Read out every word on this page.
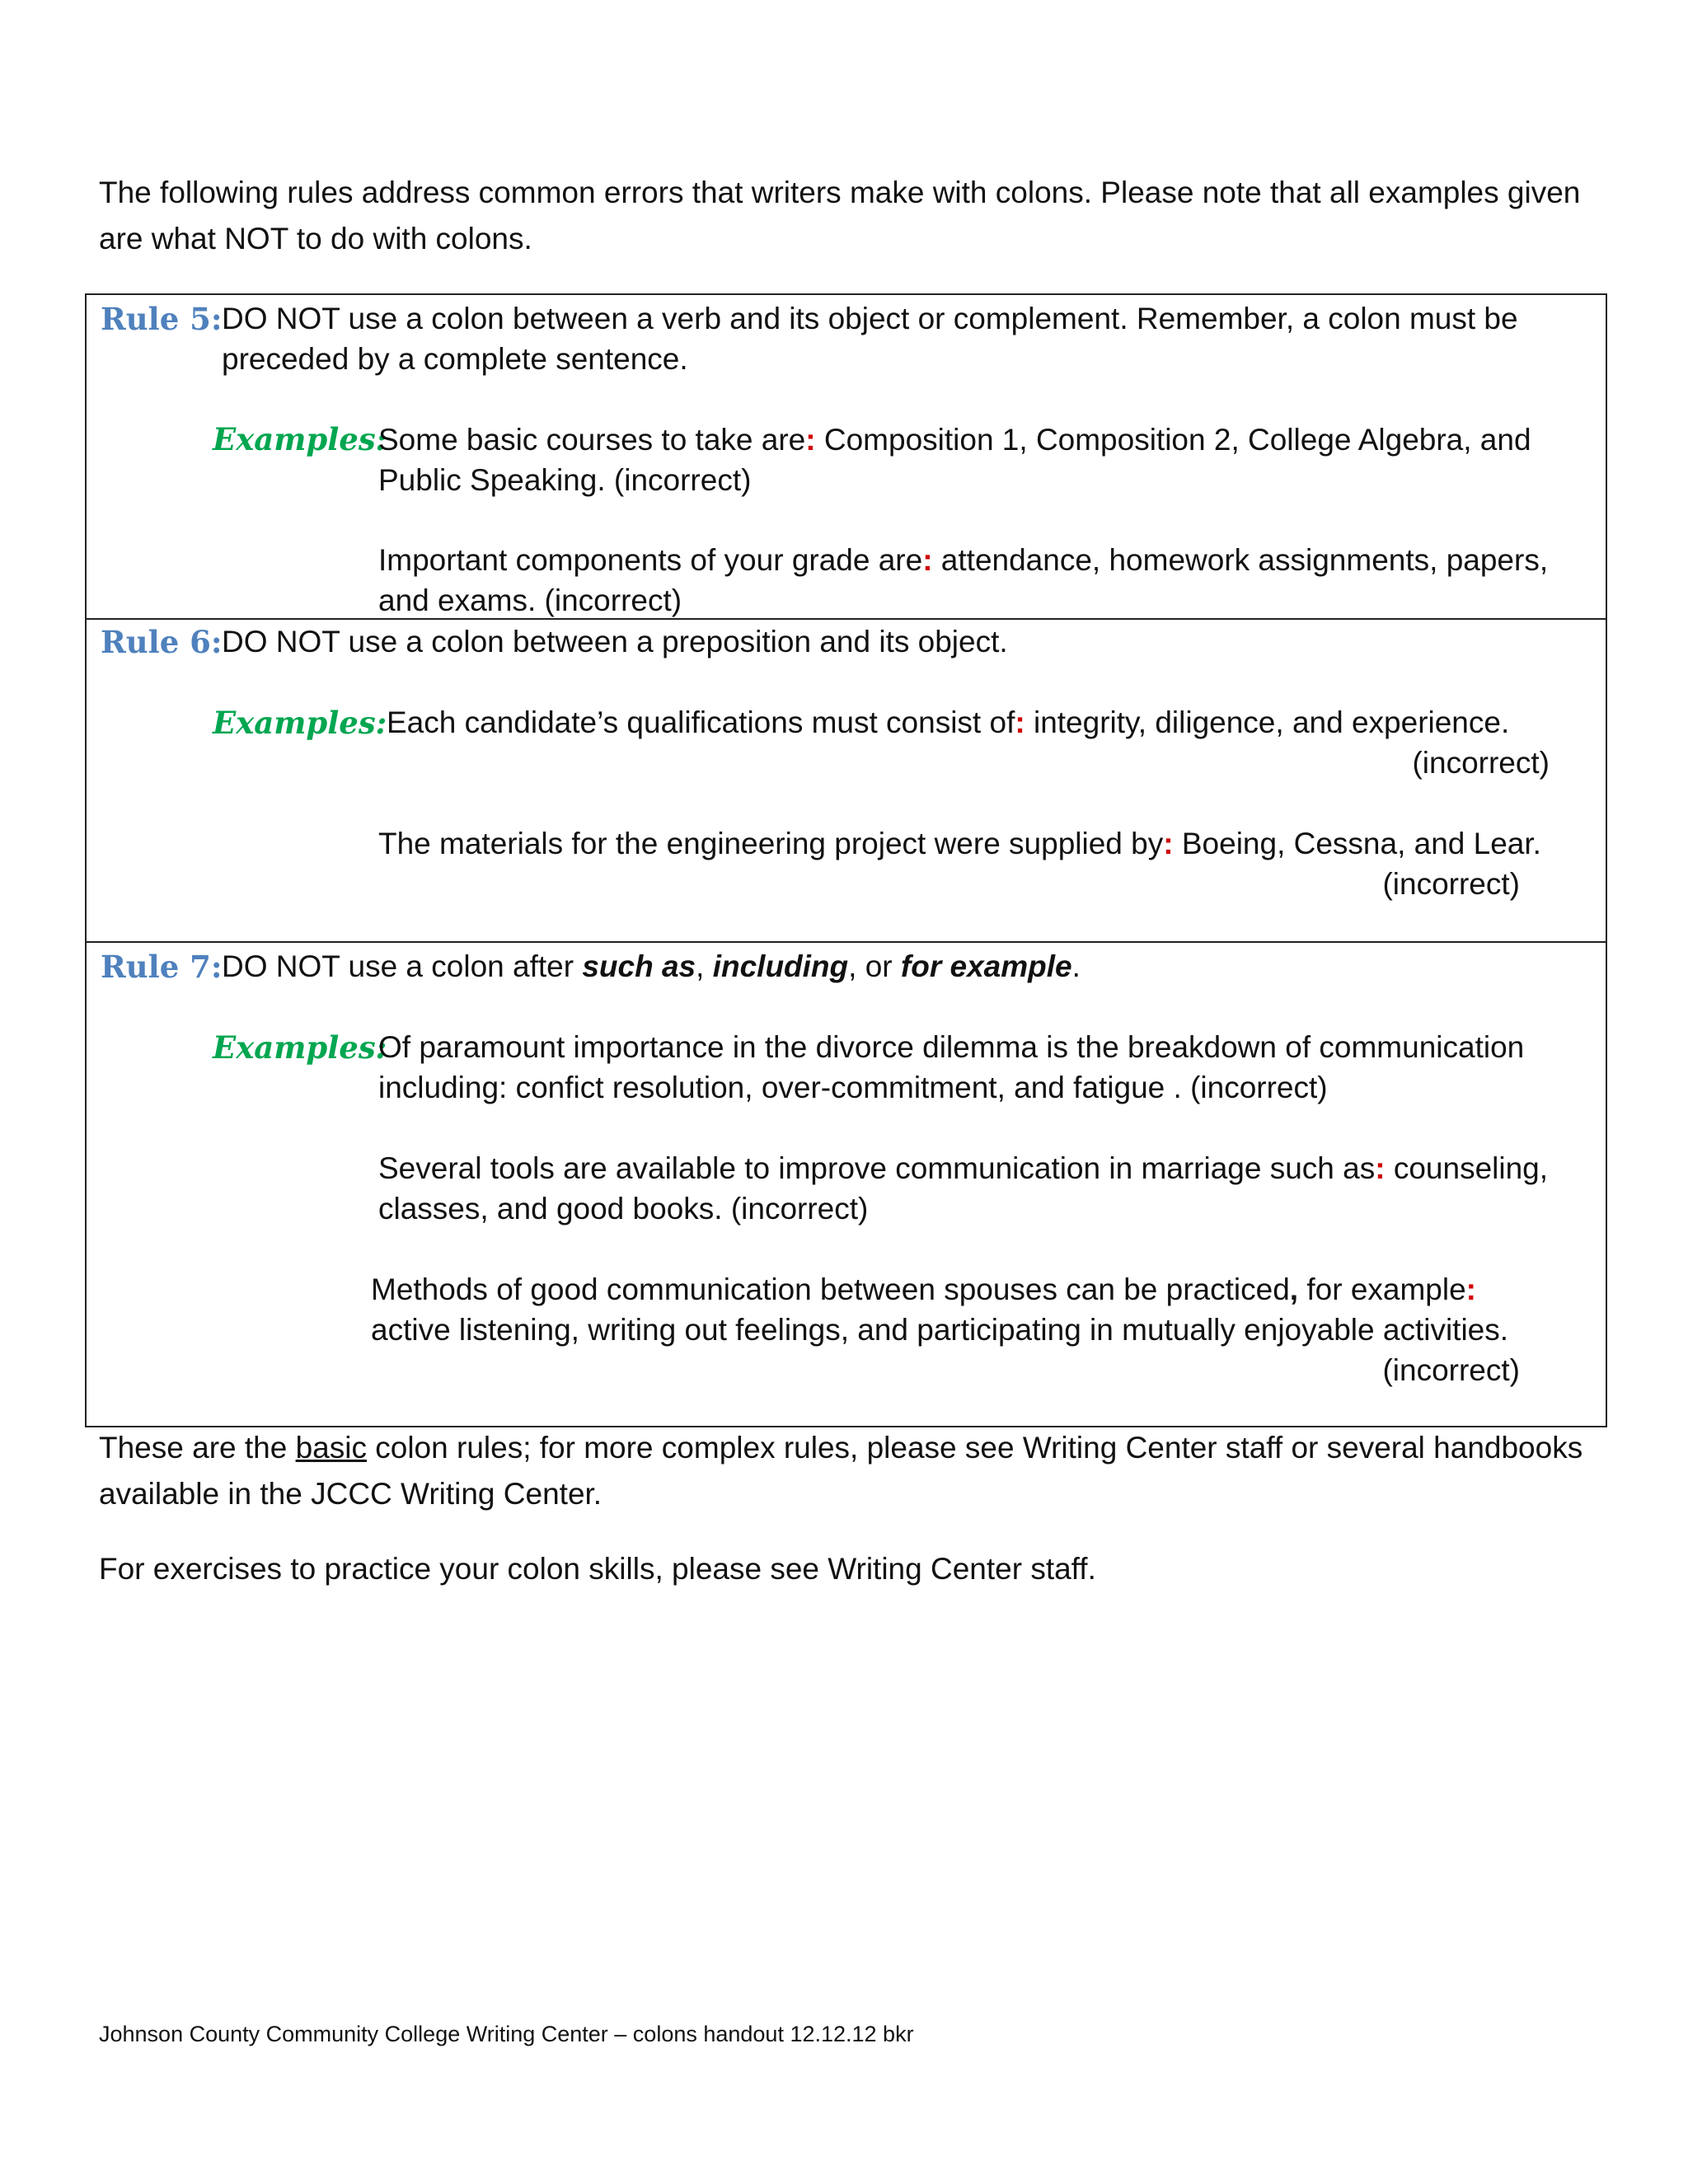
The following rules address common errors that writers make with colons. Please note that all examples given
are what NOT to do with colons.
Rule 5: DO NOT use a colon between a verb and its object or complement. Remember, a colon must be
preceded by a complete sentence.
Examples:
Some basic courses to take are: Composition 1, Composition 2, College Algebra, and
Public Speaking. (incorrect)
Important components of your grade are: attendance, homework assignments, papers,
and exams. (incorrect)
Rule 6: DO NOT use a colon between a preposition and its object.
Examples: Each candidate’s qualifications must consist of: integrity, diligence, and experience.
(incorrect)
The materials for the engineering project were supplied by: Boeing, Cessna, and Lear.
(incorrect)
Rule 7: DO NOT use a colon after such as, including, or for example.
Examples:
Of paramount importance in the divorce dilemma is the breakdown of communication
including: confict resolution, over-commitment, and fatigue . (incorrect)
Several tools are available to improve communication in marriage such as: counseling,
classes, and good books. (incorrect)
Methods of good communication between spouses can be practiced, for example:
active listening, writing out feelings, and participating in mutually enjoyable activities.
(incorrect)
These are the basic colon rules; for more complex rules, please see Writing Center staff or several handbooks
available in the JCCC Writing Center.
For exercises to practice your colon skills, please see Writing Center staff.
Johnson County Community College Writing Center – colons handout 12.12.12 bkr
